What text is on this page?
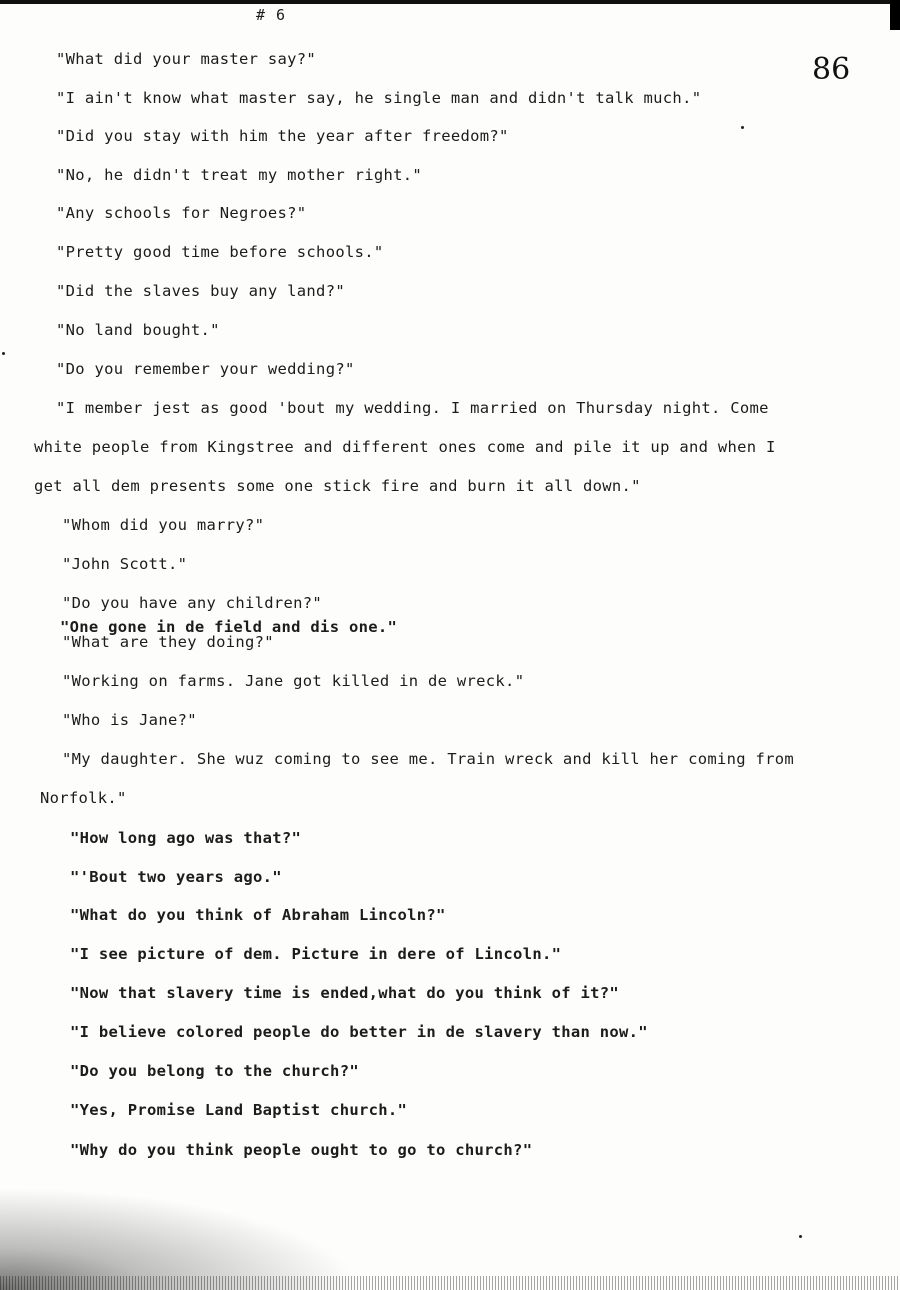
# 6
86
"What did your master say?"
"I ain't know what master say, he single man and didn't talk much."
"Did you stay with him the year after freedom?"
"No, he didn't treat my mother right."
"Any schools for Negroes?"
"Pretty good time before schools."
"Did the slaves buy any land?"
"No land bought."
"Do you remember your wedding?"
"I member jest as good 'bout my wedding. I married on Thursday night. Come
white people from Kingstree and different ones come and pile it up and when I
get all dem presents some one stick fire and burn it all down."
"Whom did you marry?"
"John Scott."
"Do you have any children?"
"One gone in de field and dis one."
"What are they doing?"
"Working on farms. Jane got killed in de wreck."
"Who is Jane?"
"My daughter. She wuz coming to see me. Train wreck and kill her coming from
Norfolk."
"How long ago was that?"
"'Bout two years ago."
"What do you think of Abraham Lincoln?"
"I see picture of dem. Picture in dere of Lincoln."
"Now that slavery time is ended,what do you think of it?"
"I believe colored people do better in de slavery than now."
"Do you belong to the church?"
"Yes, Promise Land Baptist church."
"Why do you think people ought to go to church?"
